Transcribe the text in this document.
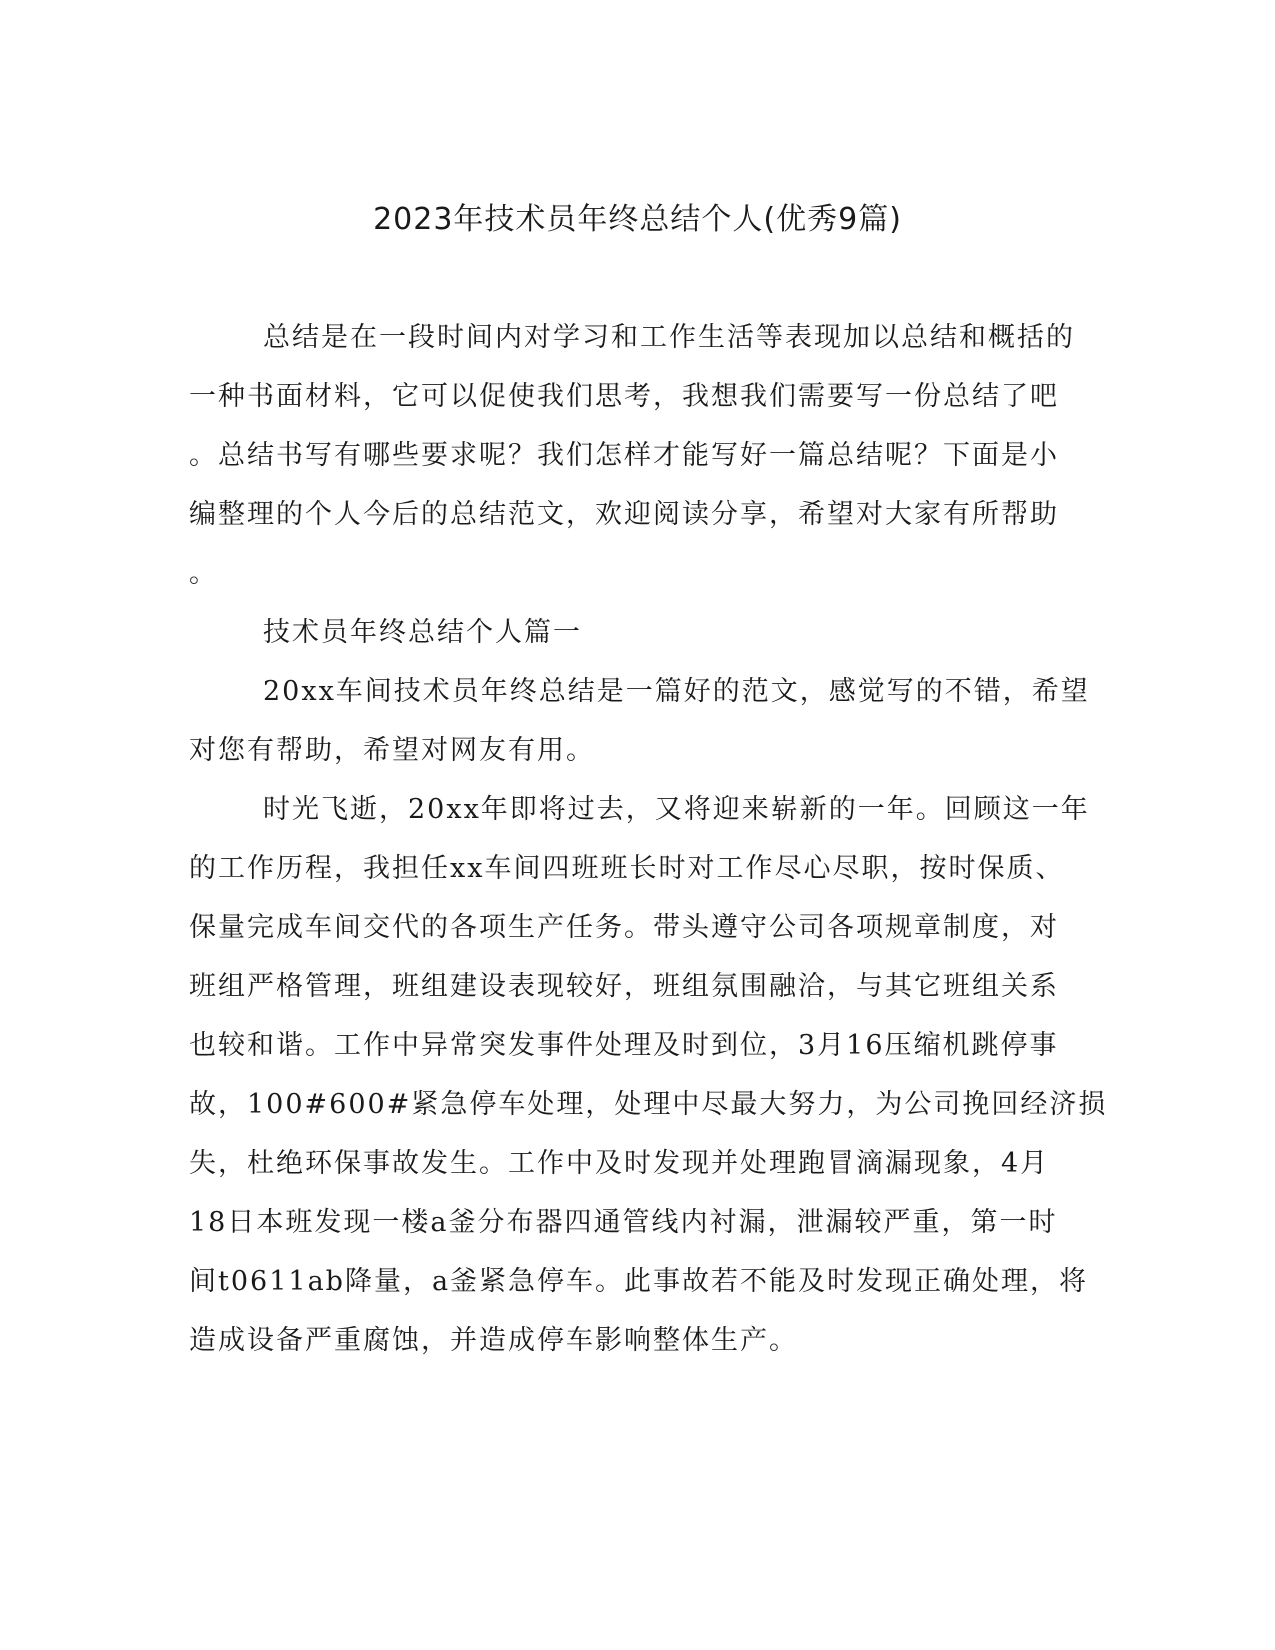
2023年技术员年终总结个人(优秀9篇)
总结是在一段时间内对学习和工作生活等表现加以总结和概括的
一种书面材料，它可以促使我们思考，我想我们需要写一份总结了吧
。总结书写有哪些要求呢？我们怎样才能写好一篇总结呢？下面是小
编整理的个人今后的总结范文，欢迎阅读分享，希望对大家有所帮助
。
技术员年终总结个人篇一
20xx车间技术员年终总结是一篇好的范文，感觉写的不错，希望
对您有帮助，希望对网友有用。
时光飞逝，20xx年即将过去，又将迎来崭新的一年。回顾这一年
的工作历程，我担任xx车间四班班长时对工作尽心尽职，按时保质、
保量完成车间交代的各项生产任务。带头遵守公司各项规章制度，对
班组严格管理，班组建设表现较好，班组氛围融洽，与其它班组关系
也较和谐。工作中异常突发事件处理及时到位，3月16压缩机跳停事
故，100#600#紧急停车处理，处理中尽最大努力，为公司挽回经济损
失，杜绝环保事故发生。工作中及时发现并处理跑冒滴漏现象，4月
18日本班发现一楼a釜分布器四通管线内衬漏，泄漏较严重，第一时
间t0611ab降量，a釜紧急停车。此事故若不能及时发现正确处理，将
造成设备严重腐蚀，并造成停车影响整体生产。
